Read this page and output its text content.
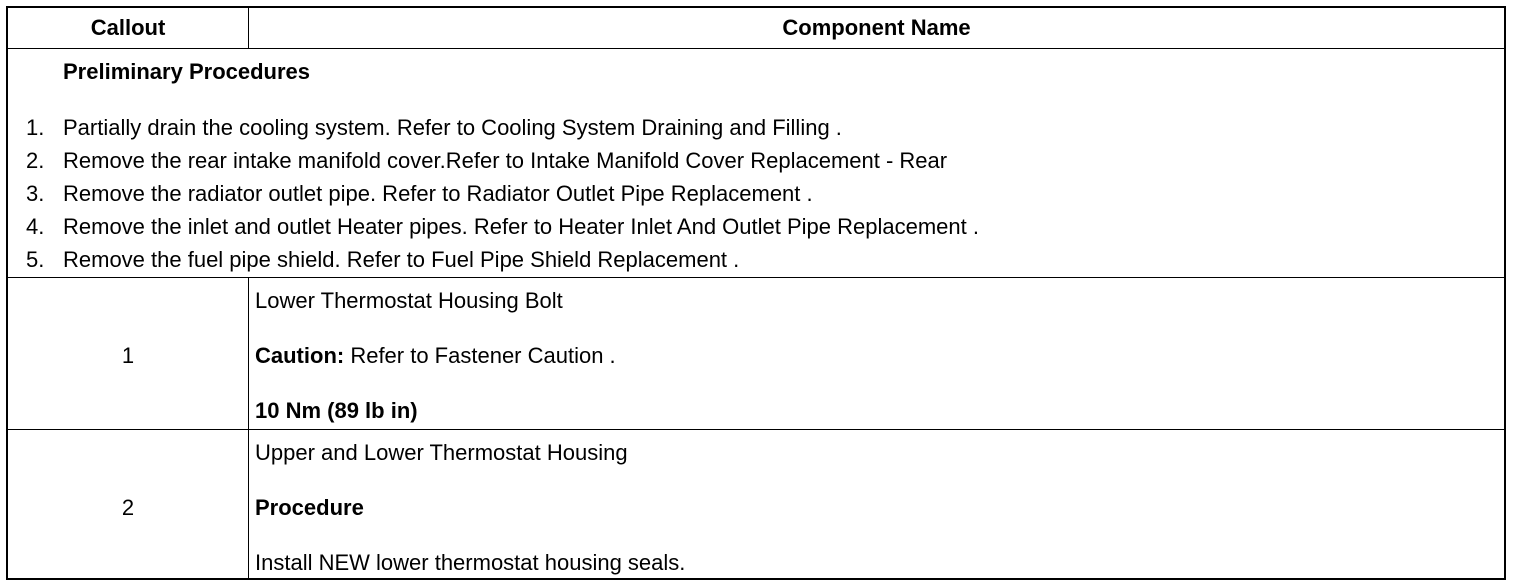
Callout	Component Name
Preliminary Procedures
1. Partially drain the cooling system. Refer to Cooling System Draining and Filling .
2. Remove the rear intake manifold cover.Refer to Intake Manifold Cover Replacement - Rear
3. Remove the radiator outlet pipe. Refer to Radiator Outlet Pipe Replacement .
4. Remove the inlet and outlet Heater pipes. Refer to Heater Inlet And Outlet Pipe Replacement .
5. Remove the fuel pipe shield. Refer to Fuel Pipe Shield Replacement .
1
Lower Thermostat Housing Bolt
Caution: Refer to Fastener Caution .
10 Nm (89 lb in)
2
Upper and Lower Thermostat Housing
Procedure
Install NEW lower thermostat housing seals.
